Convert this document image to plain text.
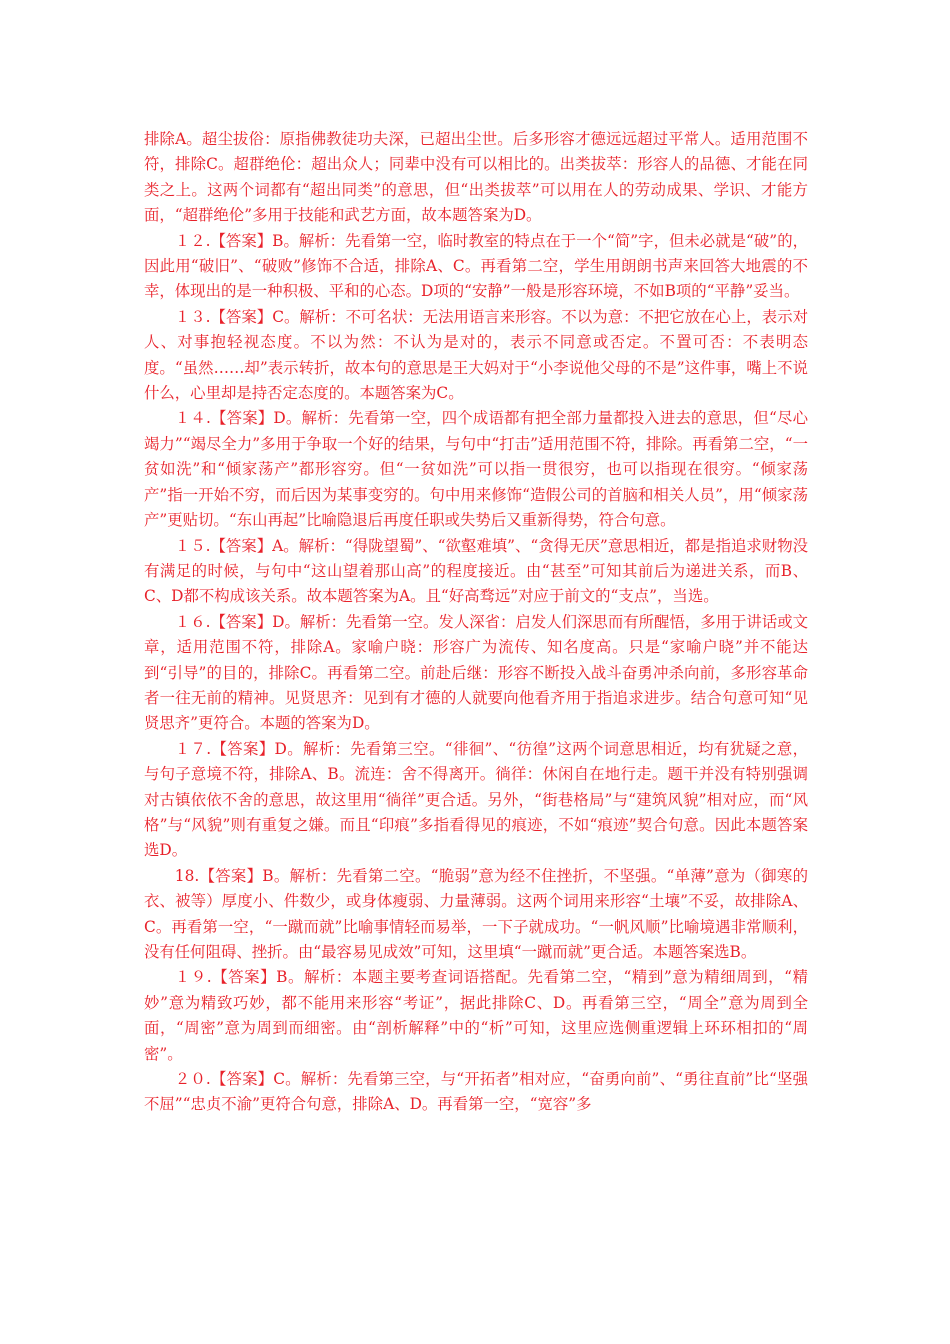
排除A。超尘拔俗：原指佛教徒功夫深，已超出尘世。后多形容才德远远超过平常人。适用范围不符，排除C。超群绝伦：超出众人；同辈中没有可以相比的。出类拔萃：形容人的品德、才能在同类之上。这两个词都有“超出同类”的意思，但“出类拔萃”可以用在人的劳动成果、学识、才能方面，“超群绝伦”多用于技能和武艺方面，故本题答案为D。

１２.【答案】B。解析：先看第一空，临时教室的特点在于一个“简”字，但未必就是“破”的，因此用“破旧”、“破败”修饰不合适，排除A、C。再看第二空，学生用朗朗书声来回答大地震的不幸，体现出的是一种积极、平和的心态。D项的“安静”一般是形容环境，不如B项的“平静”妥当。

１３.【答案】C。解析：不可名状：无法用语言来形容。不以为意：不把它放在心上，表示对人、对事抱轻视态度。不以为然：不认为是对的，表示不同意或否定。不置可否：不表明态度。“虽然……却”表示转折，故本句的意思是王大妈对于“小李说他父母的不是”这件事，嘴上不说什么，心里却是持否定态度的。本题答案为C。

１４.【答案】D。解析：先看第一空，四个成语都有把全部力量都投入进去的意思，但“尽心竭力”“竭尽全力”多用于争取一个好的结果，与句中“打击”适用范围不符，排除。再看第二空，“一贫如洗”和“倾家荡产”都形容穷。但“一贫如洗”可以指一贯很穷，也可以指现在很穷。“倾家荡产”指一开始不穷，而后因为某事变穷的。句中用来修饰“造假公司的首脑和相关人员”，用“倾家荡产”更贴切。“东山再起”比喻隐退后再度任职或失势后又重新得势，符合句意。

１５.【答案】A。解析：“得陇望蜀”、“欲壑难填”、“贪得无厌”意思相近，都是指追求财物没有满足的时候，与句中“这山望着那山高”的程度接近。由“甚至”可知其前后为递进关系，而B、C、D都不构成该关系。故本题答案为A。且“好高骛远”对应于前文的“支点”，当选。

１６.【答案】D。解析：先看第一空。发人深省：启发人们深思而有所醒悟，多用于讲话或文章，适用范围不符，排除A。家喻户晓：形容广为流传、知名度高。只是“家喻户晓”并不能达到“引导”的目的，排除C。再看第二空。前赴后继：形容不断投入战斗奋勇冲杀向前，多形容革命者一往无前的精神。见贤思齐：见到有才德的人就要向他看齐用于指追求进步。结合句意可知“见贤思齐”更符合。本题的答案为D。

１７.【答案】D。解析：先看第三空。“徘徊”、“彷徨”这两个词意思相近，均有犹疑之意，与句子意境不符，排除A、B。流连：舍不得离开。徜徉：休闲自在地行走。题干并没有特别强调对古镇依依不舍的意思，故这里用“徜徉”更合适。另外，“街巷格局”与“建筑风貌”相对应，而“风格”与“风貌”则有重复之嫌。而且“印痕”多指看得见的痕迹，不如“痕迹”契合句意。因此本题答案选D。

18.【答案】B。解析：先看第二空。“脆弱”意为经不住挫折，不坚强。“单薄”意为（御寒的衣、被等）厚度小、件数少，或身体瘦弱、力量薄弱。这两个词用来形容“土壤”不妥，故排除A、C。再看第一空，“一蹴而就”比喻事情轻而易举，一下子就成功。“一帆风顺”比喻境遇非常顺利，没有任何阻碍、挫折。由“最容易见成效”可知，这里填“一蹴而就”更合适。本题答案选B。

１９.【答案】B。解析：本题主要考查词语搭配。先看第二空，“精到”意为精细周到，“精妙”意为精致巧妙，都不能用来形容“考证”，据此排除C、D。再看第三空，“周全”意为周到全面，“周密”意为周到而细密。由“剖析解释”中的“析”可知，这里应选侧重逻辑上环环相扣的“周密”。

２０.【答案】C。解析：先看第三空，与“开拓者”相对应，“奋勇向前”、“勇往直前”比“坚强不屈”“忠贞不渝”更符合句意，排除A、D。再看第一空，“宽容”多
